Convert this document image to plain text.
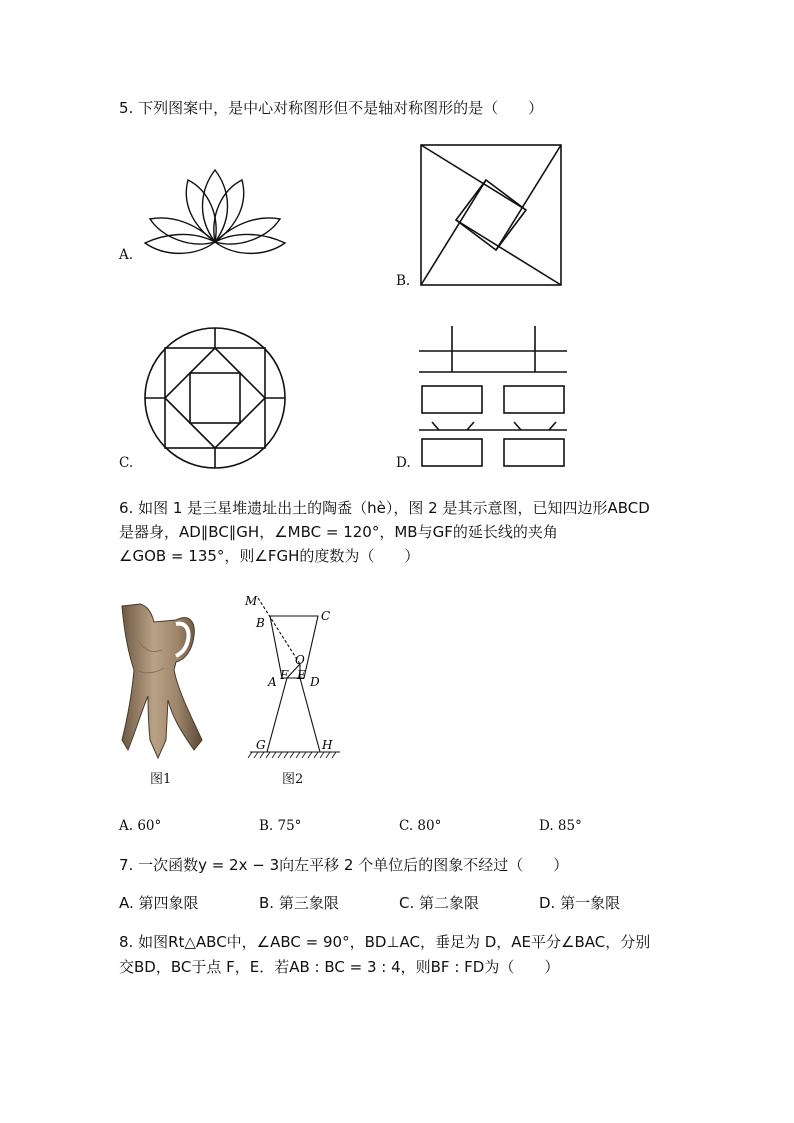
5. 下列图案中，是中心对称图形但不是轴对称图形的是（　　）
A.
B.
C.	D.
6. 如图 1 是三星堆遗址出土的陶盉（hè），图 2 是其示意图，已知四边形ABCD
是器身，AD∥BC∥GH，∠MBC = 120°，MB与GF的延长线的夹角
∠GOB = 135°，则∠FGH的度数为（　　）
图1
M
B	C
O
A F E D
G	H
图2
A. 60°	B. 75°	C. 80°	D. 85°
7. 一次函数y = 2x − 3向左平移 2 个单位后的图象不经过（　　）
A. 第四象限	B. 第三象限	C. 第二象限	D. 第一象限
8. 如图Rt△ABC中，∠ABC = 90°，BD⊥AC，垂足为 D，AE平分∠BAC，分别
交BD，BC于点 F，E．若AB : BC = 3 : 4，则BF : FD为（　　）
